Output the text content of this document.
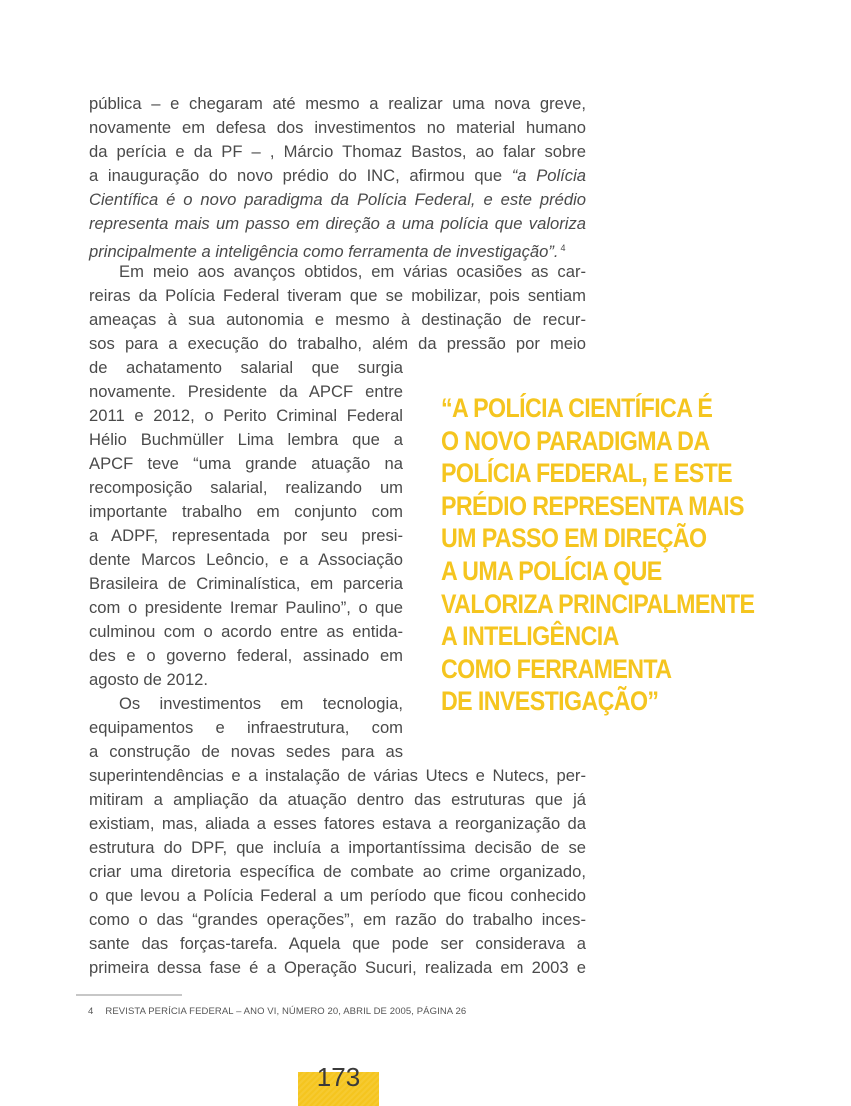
pública – e chegaram até mesmo a realizar uma nova greve,
novamente em defesa dos investimentos no material humano
da perícia e da PF – , Márcio Thomaz Bastos, ao falar sobre
a inauguração do novo prédio do INC, afirmou que “a Polícia
Científica é o novo paradigma da Polícia Federal, e este prédio
representa mais um passo em direção a uma polícia que valoriza
principalmente a inteligência como ferramenta de investigação”. $^4$
Em meio aos avanços obtidos, em várias ocasiões as car-
reiras da Polícia Federal tiveram que se mobilizar, pois sentiam
ameaças à sua autonomia e mesmo à destinação de recur-
sos para a execução do trabalho, além da pressão por meio
de achatamento salarial que surgia
novamente. Presidente da APCF entre
2011 e 2012, o Perito Criminal Federal
Hélio Buchmüller Lima lembra que a
APCF teve “uma grande atuação na
recomposição salarial, realizando um
importante trabalho em conjunto com
a ADPF, representada por seu presi-
dente Marcos Leôncio, e a Associação
Brasileira de Criminalística, em parceria
com o presidente Iremar Paulino”, o que
culminou com o acordo entre as entida-
des e o governo federal, assinado em
agosto de 2012.
Os investimentos em tecnologia,
equipamentos e infraestrutura, com
a construção de novas sedes para as
superintendências e a instalação de várias Utecs e Nutecs, per-
mitiram a ampliação da atuação dentro das estruturas que já
existiam, mas, aliada a esses fatores estava a reorganização da
estrutura do DPF, que incluía a importantíssima decisão de se
criar uma diretoria específica de combate ao crime organizado,
o que levou a Polícia Federal a um período que ficou conhecido
como o das “grandes operações”, em razão do trabalho inces-
sante das forças-tarefa. Aquela que pode ser considerava a
primeira dessa fase é a Operação Sucuri, realizada em 2003 e
“A POLÍCIA CIENTÍFICA É
O NOVO PARADIGMA DA
POLÍCIA FEDERAL, E ESTE
PRÉDIO REPRESENTA MAIS
UM PASSO EM DIREÇÃO
A UMA POLÍCIA QUE
VALORIZA PRINCIPALMENTE
A INTELIGÊNCIA
COMO FERRAMENTA
DE INVESTIGAÇÃO”
4 REVISTA PERÍCIA FEDERAL – ANO VI, NÚMERO 20, ABRIL DE 2005, PÁGINA 26
173
